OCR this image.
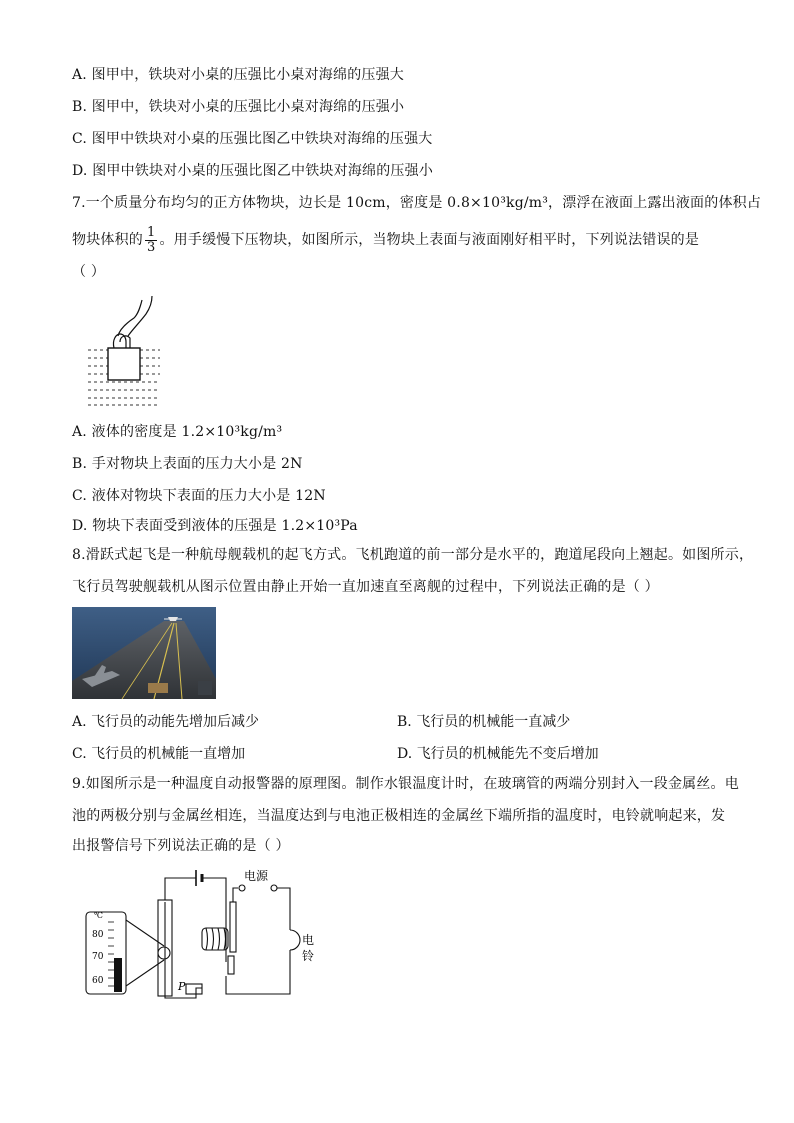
A. 图甲中，铁块对小桌的压强比小桌对海绵的压强大
B. 图甲中，铁块对小桌的压强比小桌对海绵的压强小
C. 图甲中铁块对小桌的压强比图乙中铁块对海绵的压强大
D. 图甲中铁块对小桌的压强比图乙中铁块对海绵的压强小
7.一个质量分布均匀的正方体物块，边长是 10cm，密度是 0.8×10³kg/m³，漂浮在液面上露出液面的体积占
物块体积的 $\frac{1}{3}$ 。用手缓慢下压物块，如图所示，当物块上表面与液面刚好相平时，下列说法错误的是
（ ）
A. 液体的密度是 1.2×10³kg/m³
B. 手对物块上表面的压力大小是 2N
C. 液体对物块下表面的压力大小是 12N
D. 物块下表面受到液体的压强是 1.2×10³Pa
8.滑跃式起飞是一种航母舰载机的起飞方式。飞机跑道的前一部分是水平的，跑道尾段向上翘起。如图所示，
飞行员驾驶舰载机从图示位置由静止开始一直加速直至离舰的过程中，下列说法正确的是（ ）
A. 飞行员的动能先增加后减少	B. 飞行员的机械能一直减少
C. 飞行员的机械能一直增加	D. 飞行员的机械能先不变后增加
9.如图所示是一种温度自动报警器的原理图。制作水银温度计时，在玻璃管的两端分别封入一段金属丝。电
池的两极分别与金属丝相连，当温度达到与电池正极相连的金属丝下端所指的温度时，电铃就响起来，发
出报警信号下列说法正确的是（ ）
℃
80
70
60
电源
电
铃
P
